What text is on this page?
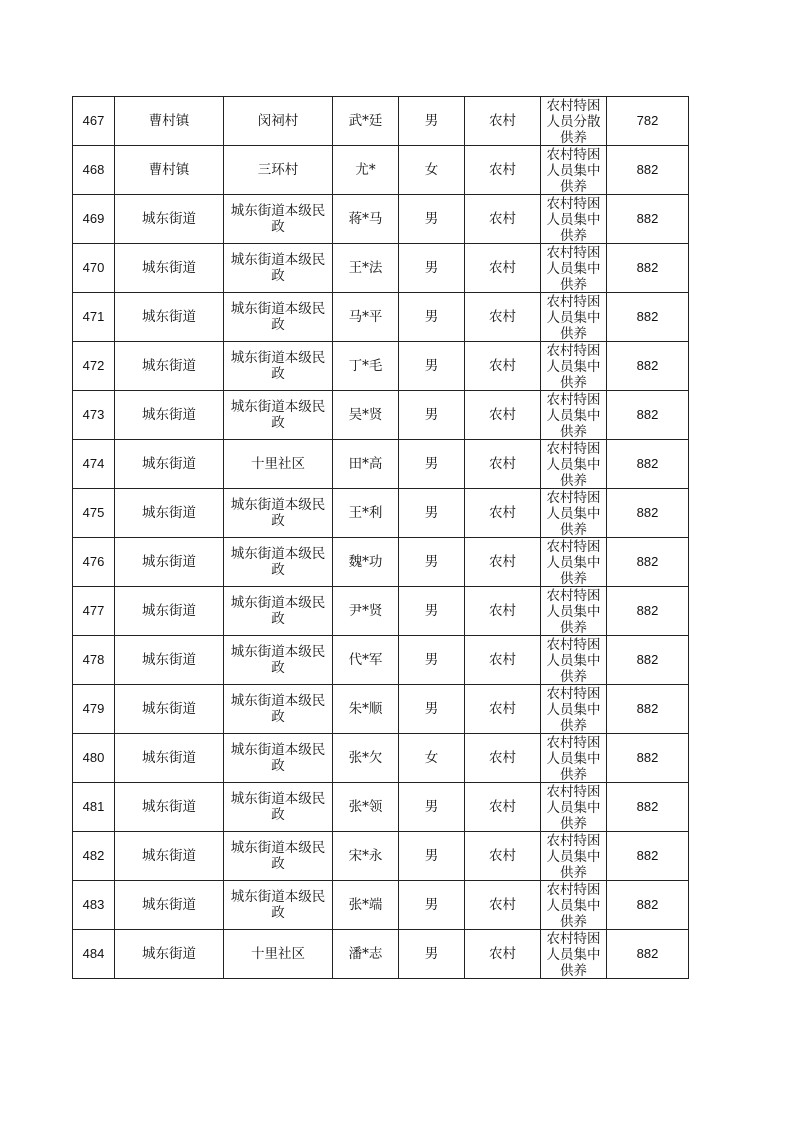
467	曹村镇	闵祠村	武*廷	男	农村	农村特困人员分散供养	782

468	曹村镇	三环村	尤*	女	农村	农村特困人员集中供养	882

469	城东街道	城东街道本级民政	蒋*马	男	农村	农村特困人员集中供养	882

470	城东街道	城东街道本级民政	王*法	男	农村	农村特困人员集中供养	882

471	城东街道	城东街道本级民政	马*平	男	农村	农村特困人员集中供养	882

472	城东街道	城东街道本级民政	丁*毛	男	农村	农村特困人员集中供养	882

473	城东街道	城东街道本级民政	吴*贤	男	农村	农村特困人员集中供养	882

474	城东街道	十里社区	田*高	男	农村	农村特困人员集中供养	882

475	城东街道	城东街道本级民政	王*利	男	农村	农村特困人员集中供养	882

476	城东街道	城东街道本级民政	魏*功	男	农村	农村特困人员集中供养	882

477	城东街道	城东街道本级民政	尹*贤	男	农村	农村特困人员集中供养	882

478	城东街道	城东街道本级民政	代*军	男	农村	农村特困人员集中供养	882

479	城东街道	城东街道本级民政	朱*顺	男	农村	农村特困人员集中供养	882

480	城东街道	城东街道本级民政	张*欠	女	农村	农村特困人员集中供养	882

481	城东街道	城东街道本级民政	张*领	男	农村	农村特困人员集中供养	882

482	城东街道	城东街道本级民政	宋*永	男	农村	农村特困人员集中供养	882

483	城东街道	城东街道本级民政	张*端	男	农村	农村特困人员集中供养	882

484	城东街道	十里社区	潘*志	男	农村	农村特困人员集中供养	882
